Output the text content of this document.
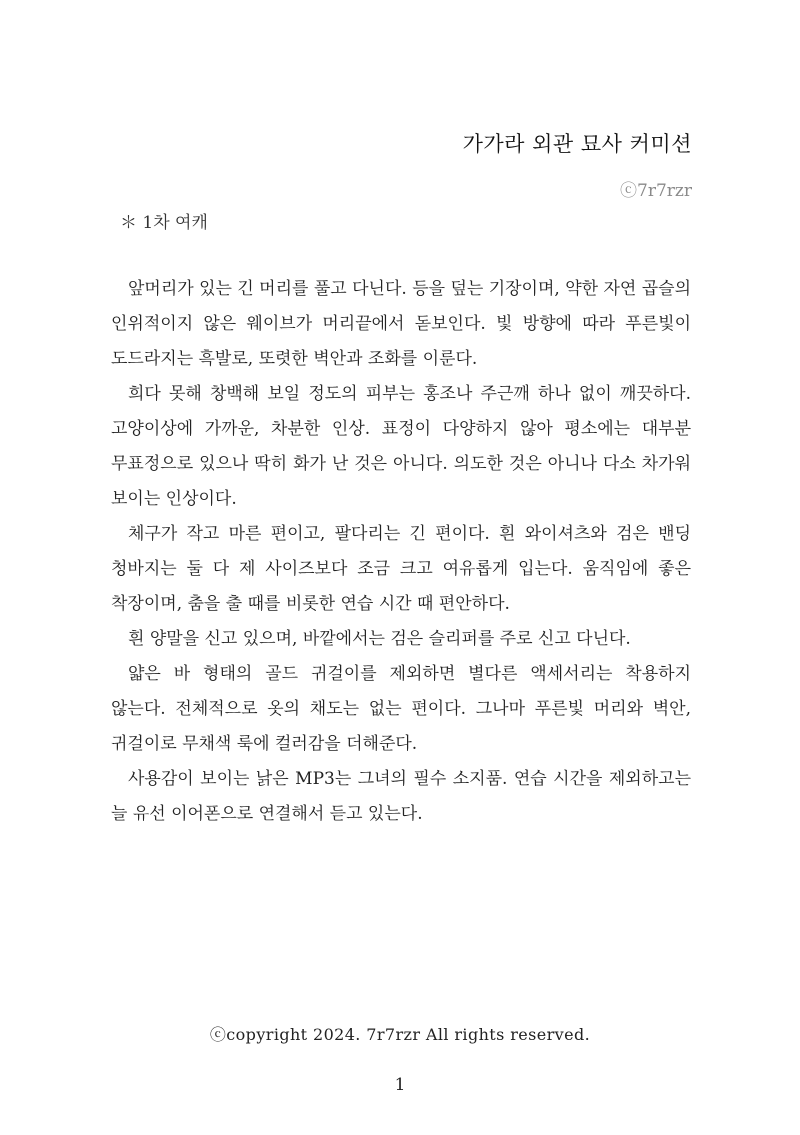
가가라 외관 묘사 커미션
ⓒ7r7rzr
＊ 1차 여캐

앞머리가 있는 긴 머리를 풀고 다닌다. 등을 덮는 기장이며, 약한 자연 곱슬의 인위적이지 않은 웨이브가 머리끝에서 돋보인다. 빛 방향에 따라 푸른빛이 도드라지는 흑발로, 또렷한 벽안과 조화를 이룬다.

희다 못해 창백해 보일 정도의 피부는 홍조나 주근깨 하나 없이 깨끗하다. 고양이상에 가까운, 차분한 인상. 표정이 다양하지 않아 평소에는 대부분 무표정으로 있으나 딱히 화가 난 것은 아니다. 의도한 것은 아니나 다소 차가워 보이는 인상이다.

체구가 작고 마른 편이고, 팔다리는 긴 편이다. 흰 와이셔츠와 검은 밴딩 청바지는 둘 다 제 사이즈보다 조금 크고 여유롭게 입는다. 움직임에 좋은 착장이며, 춤을 출 때를 비롯한 연습 시간 때 편안하다.

흰 양말을 신고 있으며, 바깥에서는 검은 슬리퍼를 주로 신고 다닌다.

얇은 바 형태의 골드 귀걸이를 제외하면 별다른 액세서리는 착용하지 않는다. 전체적으로 옷의 채도는 없는 편이다. 그나마 푸른빛 머리와 벽안, 귀걸이로 무채색 룩에 컬러감을 더해준다.

사용감이 보이는 낡은 MP3는 그녀의 필수 소지품. 연습 시간을 제외하고는 늘 유선 이어폰으로 연결해서 듣고 있는다.

ⓒcopyright 2024. 7r7rzr All rights reserved.
1
